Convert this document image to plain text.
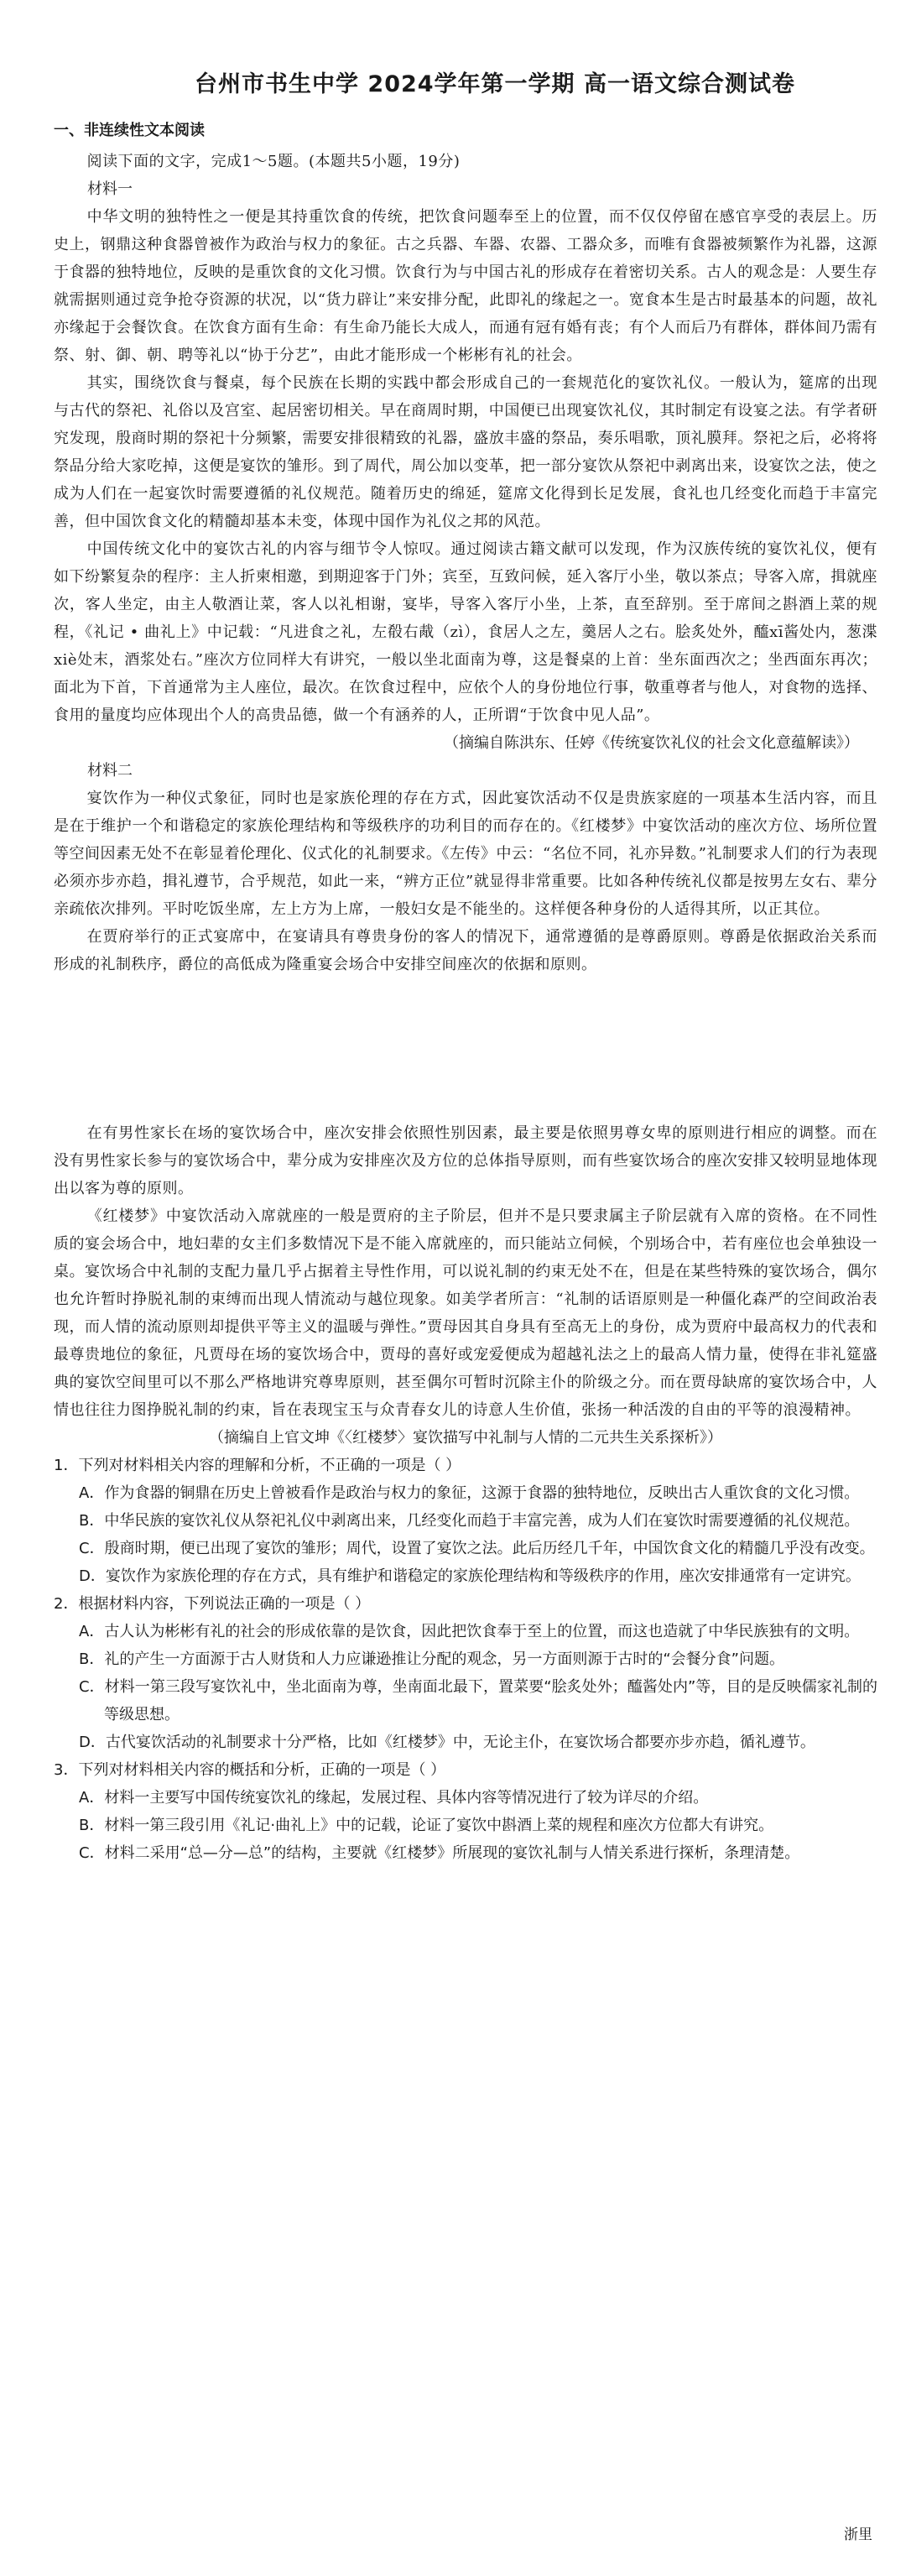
台州市书生中学 2024学年第一学期 高一语文综合测试卷
一、非连续性文本阅读

阅读下面的文字，完成1～5题。(本题共5小题，19分)

材料一

中华文明的独特性之一便是其持重饮食的传统，把饮食问题奉至上的位置，而不仅仅停留在感官享受的表层上。历史上，钢鼎这种食器曾被作为政治与权力的象征。古之兵器、车器、农器、工器众多，而唯有食器被频繁作为礼器，这源于食器的独特地位，反映的是重饮食的文化习惯。饮食行为与中国古礼的形成存在着密切关系。古人的观念是：人要生存就需据则通过竞争抢夺资源的状况，以“货力辟让”来安排分配，此即礼的缘起之一。宽食本生是古时最基本的问题，故礼亦缘起于会餐饮食。在饮食方面有生命：有生命乃能长大成人，而通有冠有婚有丧；有个人而后乃有群体，群体间乃需有祭、射、御、朝、聘等礼以“协于分艺”，由此才能形成一个彬彬有礼的社会。

其实，围绕饮食与餐桌，每个民族在长期的实践中都会形成自己的一套规范化的宴饮礼仪。一般认为，筵席的出现与古代的祭祀、礼俗以及宫室、起居密切相关。早在商周时期，中国便已出现宴饮礼仪，其时制定有设宴之法。有学者研究发现，殷商时期的祭祀十分频繁，需要安排很精致的礼器，盛放丰盛的祭品，奏乐唱歌，顶礼膜拜。祭祀之后，必将将祭品分给大家吃掉，这便是宴饮的雏形。到了周代，周公加以变革，把一部分宴饮从祭祀中剥离出来，设宴饮之法，使之成为人们在一起宴饮时需要遵循的礼仪规范。随着历史的绵延，筵席文化得到长足发展，食礼也几经变化而趋于丰富完善，但中国饮食文化的精髓却基本未变，体现中国作为礼仪之邦的风范。

中国传统文化中的宴饮古礼的内容与细节令人惊叹。通过阅读古籍文献可以发现，作为汉族传统的宴饮礼仪，便有如下纷繁复杂的程序：主人折柬相邀，到期迎客于门外；宾至，互致问候，延入客厅小坐，敬以茶点；导客入席，揖就座次，客人坐定，由主人敬酒让菜，客人以礼相谢，宴毕，导客入客厅小坐，上茶，直至辞别。至于席间之斟酒上菜的规程，《礼记 • 曲礼上》中记载：“凡进食之礼，左殽右胾（zì），食居人之左，羹居人之右。脍炙处外，醯xī酱处内，葱渫xiè处末，酒浆处右。”座次方位同样大有讲究，一般以坐北面南为尊，这是餐桌的上首：坐东面西次之；坐西面东再次；面北为下首，下首通常为主人座位，最次。在饮食过程中，应依个人的身份地位行事，敬重尊者与他人，对食物的选择、食用的量度均应体现出个人的高贵品德，做一个有涵养的人，正所谓“于饮食中见人品”。

（摘编自陈洪东、任婷《传统宴饮礼仪的社会文化意蕴解读》）

材料二

宴饮作为一种仪式象征，同时也是家族伦理的存在方式，因此宴饮活动不仅是贵族家庭的一项基本生活内容，而且是在于维护一个和谐稳定的家族伦理结构和等级秩序的功利目的而存在的。《红楼梦》中宴饮活动的座次方位、场所位置等空间因素无处不在彰显着伦理化、仪式化的礼制要求。《左传》中云：“名位不同，礼亦异数。”礼制要求人们的行为表现必须亦步亦趋，揖礼遵节，合乎规范，如此一来，“辨方正位”就显得非常重要。比如各种传统礼仪都是按男左女右、辈分亲疏依次排列。平时吃饭坐席，左上方为上席，一般妇女是不能坐的。这样便各种身份的人适得其所，以正其位。

在贾府举行的正式宴席中，在宴请具有尊贵身份的客人的情况下，通常遵循的是尊爵原则。尊爵是依据政治关系而形成的礼制秩序，爵位的高低成为隆重宴会场合中安排空间座次的依据和原则。

在有男性家长在场的宴饮场合中，座次安排会依照性别因素，最主要是依照男尊女卑的原则进行相应的调整。而在没有男性家长参与的宴饮场合中，辈分成为安排座次及方位的总体指导原则，而有些宴饮场合的座次安排又较明显地体现出以客为尊的原则。

《红楼梦》中宴饮活动入席就座的一般是贾府的主子阶层，但并不是只要隶属主子阶层就有入席的资格。在不同性质的宴会场合中，地妇辈的女主们多数情况下是不能入席就座的，而只能站立伺候，个别场合中，若有座位也会单独设一桌。宴饮场合中礼制的支配力量几乎占据着主导性作用，可以说礼制的约束无处不在，但是在某些特殊的宴饮场合，偶尔也允许暂时挣脱礼制的束缚而出现人情流动与越位现象。如美学者所言：“礼制的话语原则是一种僵化森严的空间政治表现，而人情的流动原则却提供平等主义的温暖与弹性。”贾母因其自身具有至高无上的身份，成为贾府中最高权力的代表和最尊贵地位的象征，凡贾母在场的宴饮场合中，贾母的喜好或宠爱便成为超越礼法之上的最高人情力量，使得在非礼筵盛典的宴饮空间里可以不那么严格地讲究尊卑原则，甚至偶尔可暂时沉除主仆的阶级之分。而在贾母缺席的宴饮场合中，人情也往往力图挣脱礼制的约束，旨在表现宝玉与众青春女儿的诗意人生价值，张扬一种活泼的自由的平等的浪漫精神。

（摘编自上官文坤《〈红楼梦〉宴饮描写中礼制与人情的二元共生关系探析》）

1．下列对材料相关内容的理解和分析，不正确的一项是（ ）

A．作为食器的铜鼎在历史上曾被看作是政治与权力的象征，这源于食器的独特地位，反映出古人重饮食的文化习惯。

B．中华民族的宴饮礼仪从祭祀礼仪中剥离出来，几经变化而趋于丰富完善，成为人们在宴饮时需要遵循的礼仪规范。

C．殷商时期，便已出现了宴饮的雏形；周代，设置了宴饮之法。此后历经几千年，中国饮食文化的精髓几乎没有改变。

D．宴饮作为家族伦理的存在方式，具有维护和谐稳定的家族伦理结构和等级秩序的作用，座次安排通常有一定讲究。

2．根据材料内容，下列说法正确的一项是（ ）

A．古人认为彬彬有礼的社会的形成依靠的是饮食，因此把饮食奉于至上的位置，而这也造就了中华民族独有的文明。

B．礼的产生一方面源于古人财货和人力应谦逊推让分配的观念，另一方面则源于古时的“会餐分食”问题。

C．材料一第三段写宴饮礼中，坐北面南为尊，坐南面北最下，置菜要“脍炙处外；醯酱处内”等，目的是反映儒家礼制的等级思想。

D．古代宴饮活动的礼制要求十分严格，比如《红楼梦》中，无论主仆，在宴饮场合都要亦步亦趋，循礼遵节。

3．下列对材料相关内容的概括和分析，正确的一项是（ ）

A．材料一主要写中国传统宴饮礼的缘起，发展过程、具体内容等情况进行了较为详尽的介绍。

B．材料一第三段引用《礼记·曲礼上》中的记载，论证了宴饮中斟酒上菜的规程和座次方位都大有讲究。

C．材料二采用“总—分—总”的结构，主要就《红楼梦》所展现的宴饮礼制与人情关系进行探析，条理清楚。

浙里
